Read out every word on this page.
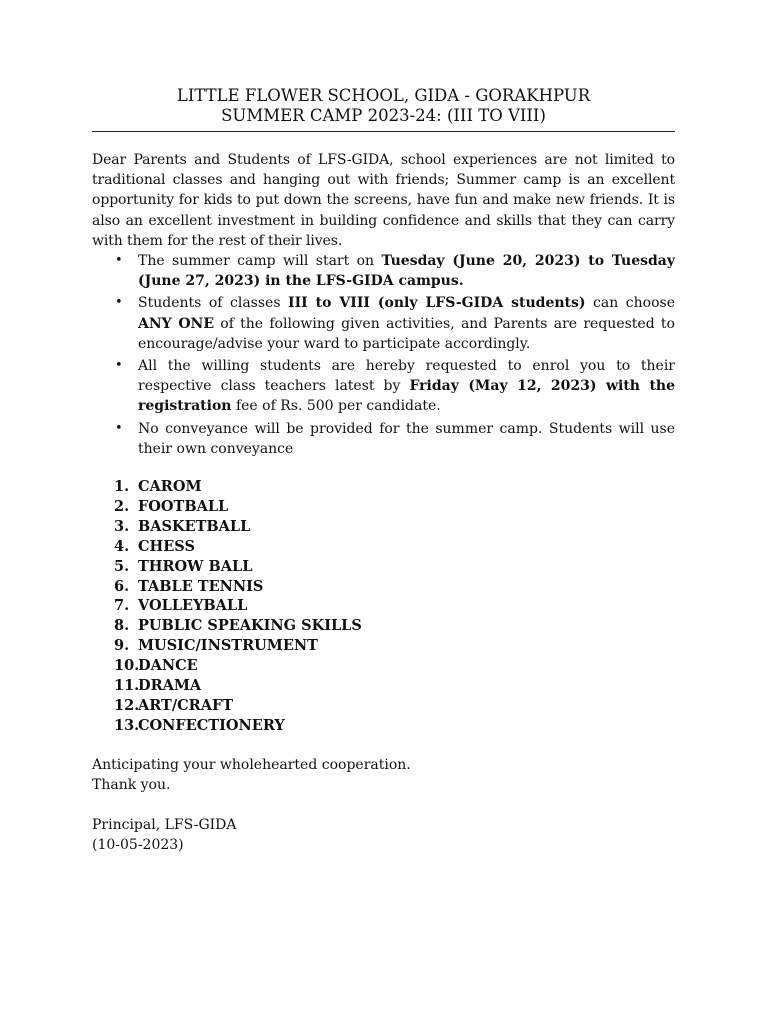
LITTLE FLOWER SCHOOL, GIDA - GORAKHPUR

SUMMER CAMP 2023-24: (III TO VIII)

Dear Parents and Students of LFS-GIDA, school experiences are not limited to traditional classes and hanging out with friends; Summer camp is an excellent opportunity for kids to put down the screens, have fun and make new friends. It is also an excellent investment in building confidence and skills that they can carry with them for the rest of their lives.

• The summer camp will start on Tuesday (June 20, 2023) to Tuesday (June 27, 2023) in the LFS-GIDA campus.
• Students of classes III to VIII (only LFS-GIDA students) can choose ANY ONE of the following given activities, and Parents are requested to encourage/advise your ward to participate accordingly.
• All the willing students are hereby requested to enrol you to their respective class teachers latest by Friday (May 12, 2023) with the registration fee of Rs. 500 per candidate.
• No conveyance will be provided for the summer camp. Students will use their own conveyance
1. CAROM
2. FOOTBALL
3. BASKETBALL
4. CHESS
5. THROW BALL
6. TABLE TENNIS
7. VOLLEYBALL
8. PUBLIC SPEAKING SKILLS
9. MUSIC/INSTRUMENT
10.
DANCE
11.
DRAMA
12.
ART/CRAFT
13.
CONFECTIONERY
Anticipating your wholehearted cooperation.
Thank you.
Principal, LFS-GIDA
(10-05-2023)
